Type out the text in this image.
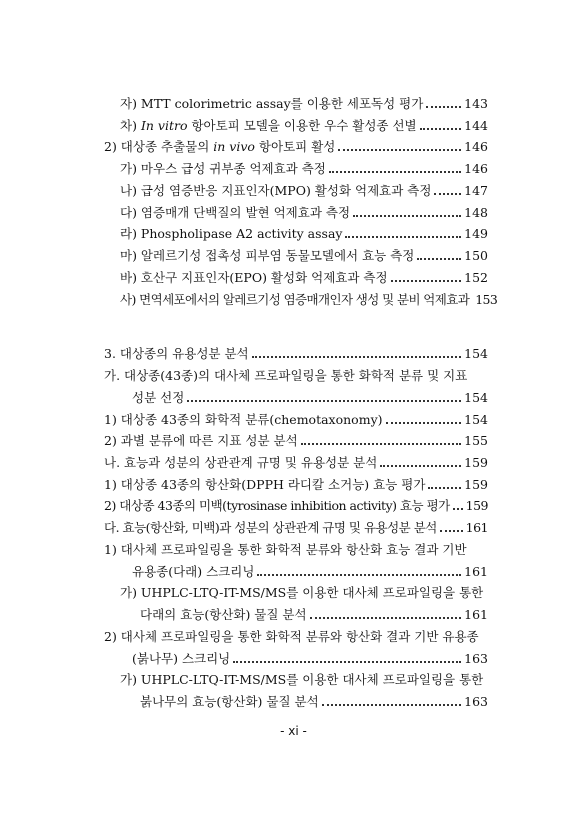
자) MTT colorimetric assay를 이용한 세포독성 평가	143
차) In vitro 항아토피 모델을 이용한 우수 활성종 선별	144
2) 대상종 추출물의 in vivo 항아토피 활성	146
가) 마우스 급성 귀부종 억제효과 측정	146
나) 급성 염증반응 지표인자(MPO) 활성화 억제효과 측정	147
다) 염증매개 단백질의 발현 억제효과 측정	148
라) Phospholipase A2 activity assay	149
마) 알레르기성 접촉성 피부염 동물모델에서 효능 측정	150
바) 호산구 지표인자(EPO) 활성화 억제효과 측정	152
사) 면역세포에서의 알레르기성 염증매개인자 생성 및 분비 억제효과 153
3. 대상종의 유용성분 분석	154
가. 대상종(43종)의 대사체 프로파일링을 통한 화학적 분류 및 지표
성분 선정	154
1) 대상종 43종의 화학적 분류(chemotaxonomy)	154
2) 과별 분류에 따른 지표 성분 분석	155
나. 효능과 성분의 상관관계 규명 및 유용성분 분석	159
1) 대상종 43종의 항산화(DPPH 라디칼 소거능) 효능 평가	159
2) 대상종 43종의 미백(tyrosinase inhibition activity) 효능 평가 159
다. 효능(항산화, 미백)과 성분의 상관관계 규명 및 유용성분 분석 161
1) 대사체 프로파일링을 통한 화학적 분류와 항산화 효능 결과 기반
유용종(다래) 스크리닝	161
가) UHPLC-LTQ-IT-MS/MS를 이용한 대사체 프로파일링을 통한
다래의 효능(항산화) 물질 분석	161
2) 대사체 프로파일링을 통한 화학적 분류와 항산화 결과 기반 유용종
(붉나무) 스크리닝	163
가) UHPLC-LTQ-IT-MS/MS를 이용한 대사체 프로파일링을 통한
붉나무의 효능(항산화) 물질 분석	163
- xi -
